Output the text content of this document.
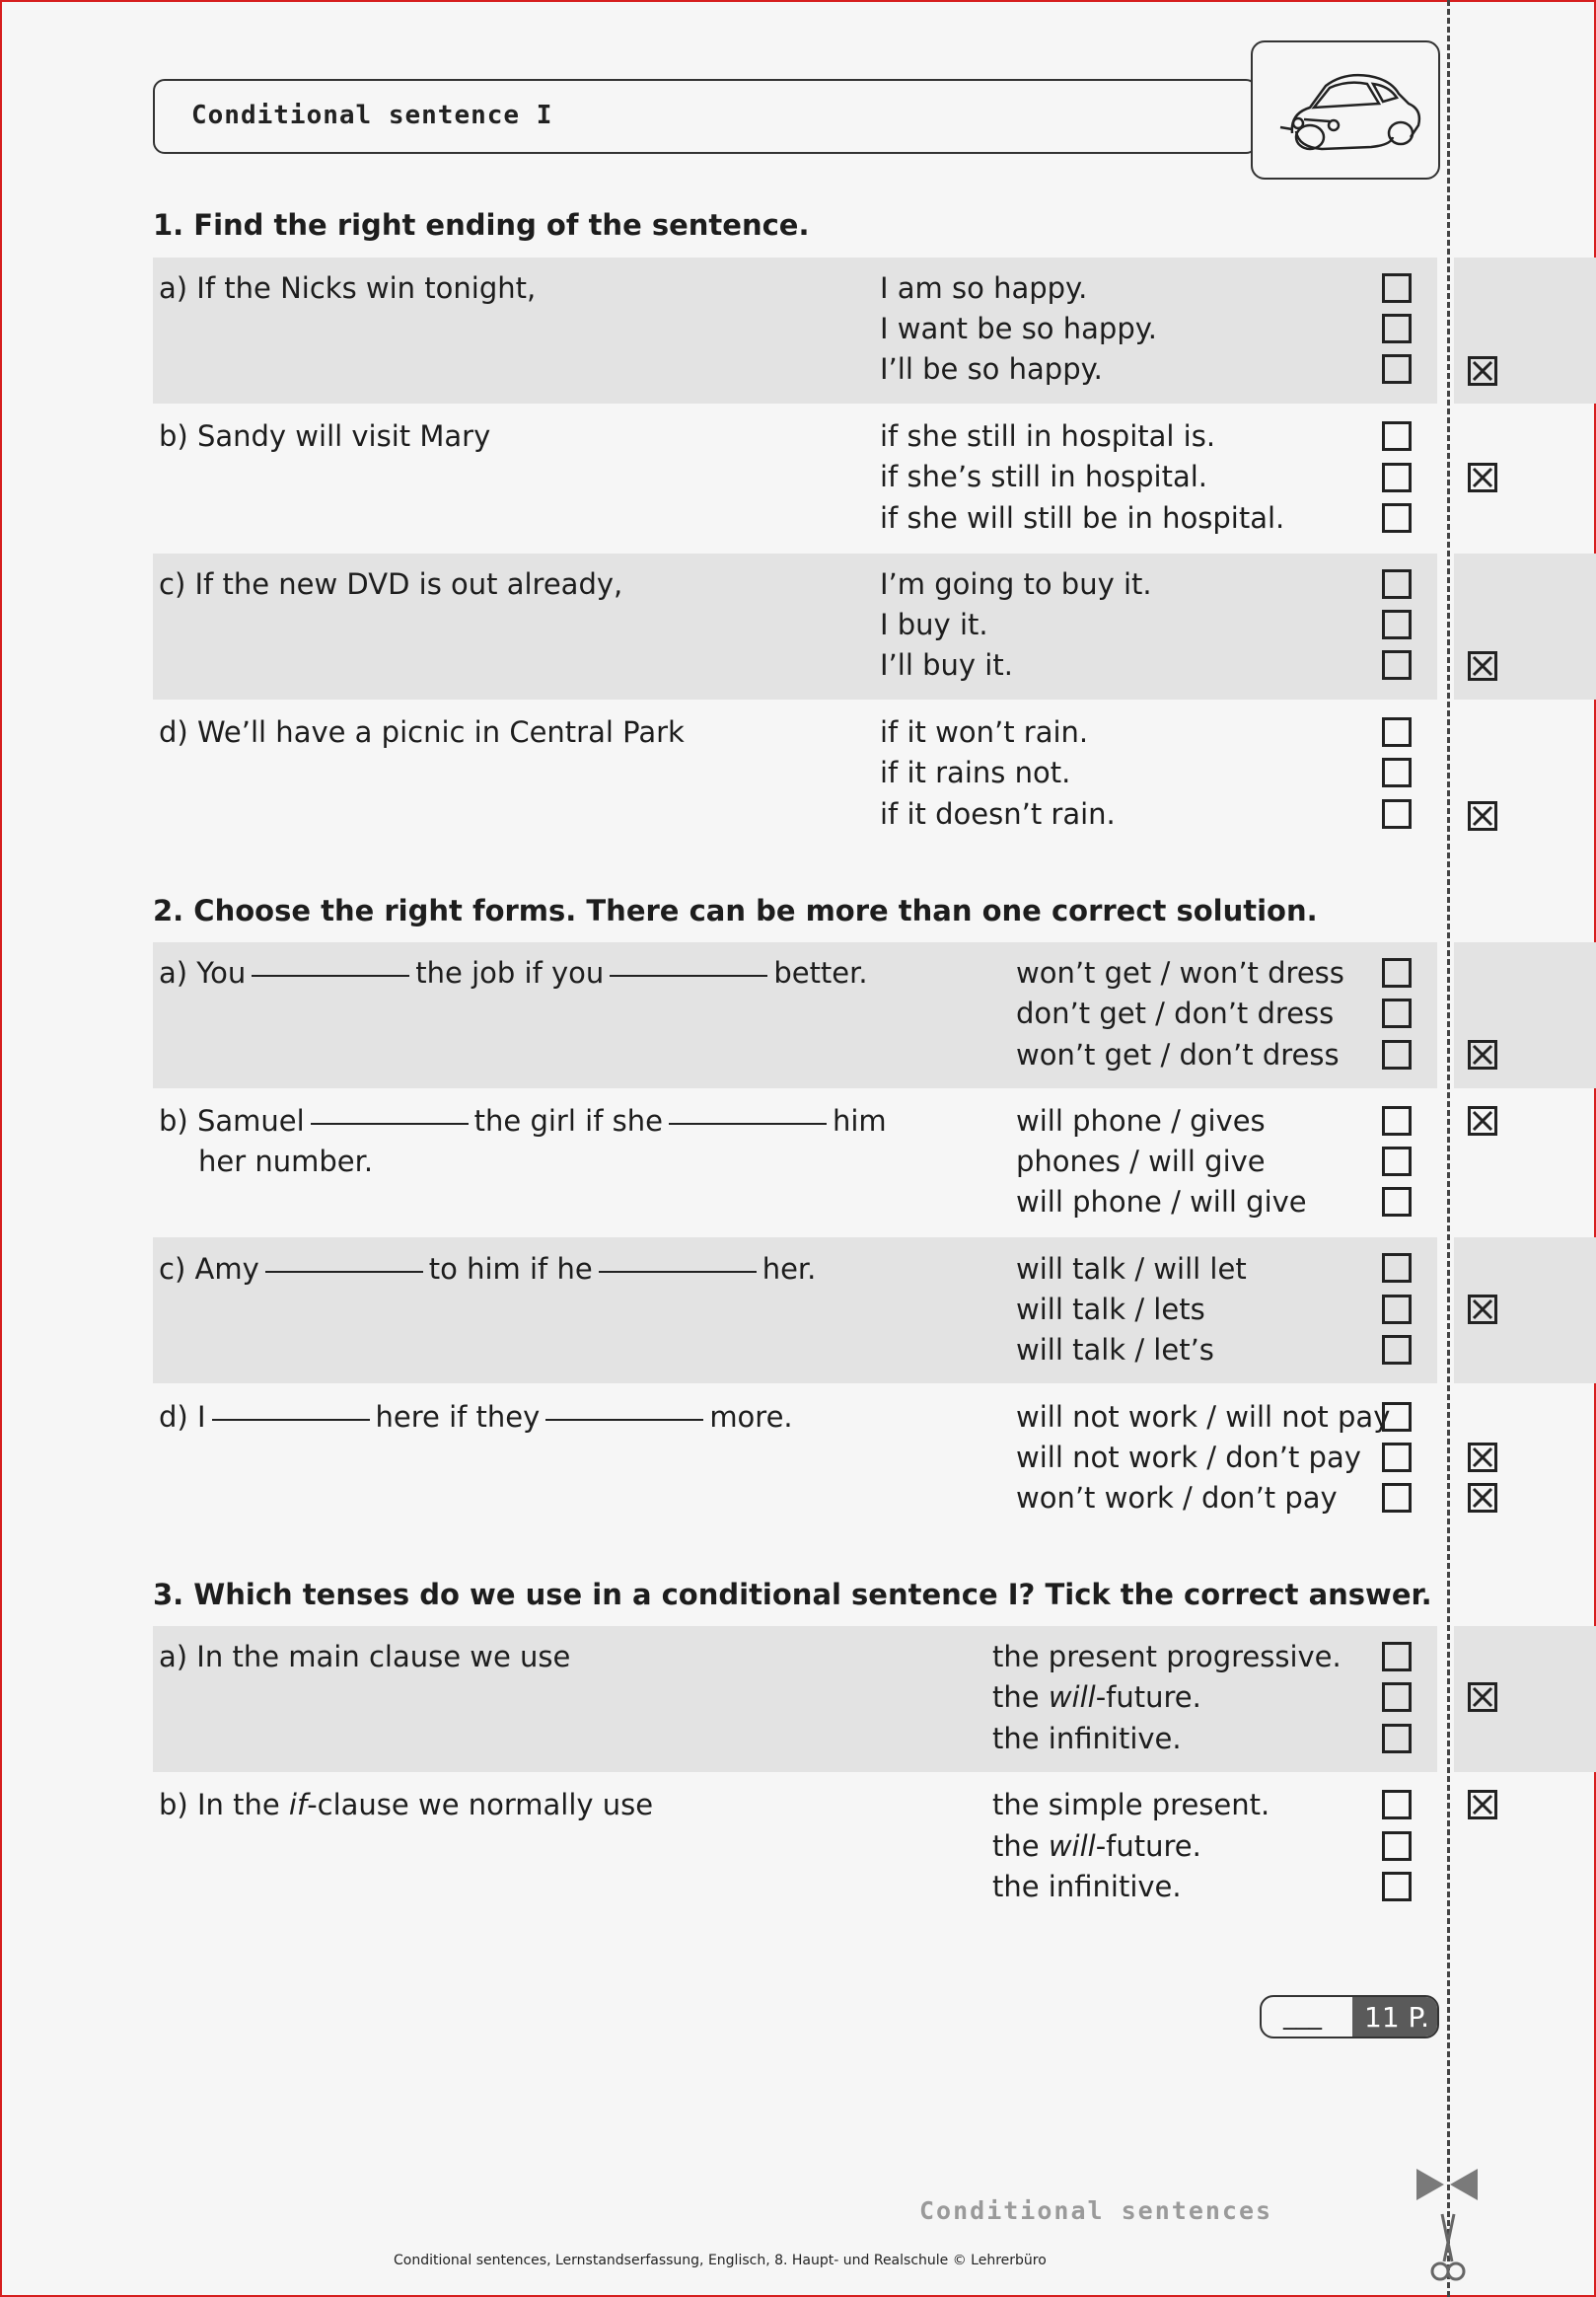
Conditional sentence I
1. Find the right ending of the sentence.
a) If the Nicks win tonight,	I am so happy.
I want be so happy.
I’ll be so happy.
b) Sandy will visit Mary	if she still in hospital is.
if she’s still in hospital.
if she will still be in hospital.
c) If the new DVD is out already,	I’m going to buy it.
I buy it.
I’ll buy it.
d) We’ll have a picnic in Central Park	if it won’t rain.
if it rains not.
if it doesn’t rain.
2. Choose the right forms. There can be more than one correct solution.
a) You	the job if you	better.	won’t get / won’t dress
don’t get / don’t dress
won’t get / don’t dress
b) Samuel	the girl if she	him
her number.
will phone / gives
phones / will give
will phone / will give
c) Amy	to him if he	her.	will talk / will let
will talk / lets
will talk / let’s
d) I	here if they	more.	will not work / will not pay
will not work / don’t pay
won’t work / don’t pay
3. Which tenses do we use in a conditional sentence I? Tick the correct answer.
a) In the main clause we use	the present progressive.
the will-future.
the infinitive.
b) In the if-clause we normally use	the simple present.
the will-future.
the infinitive.
___	11 P.
Conditional sentences
Conditional sentences, Lernstandserfassung, Englisch, 8. Haupt- und Realschule © Lehrerbüro
